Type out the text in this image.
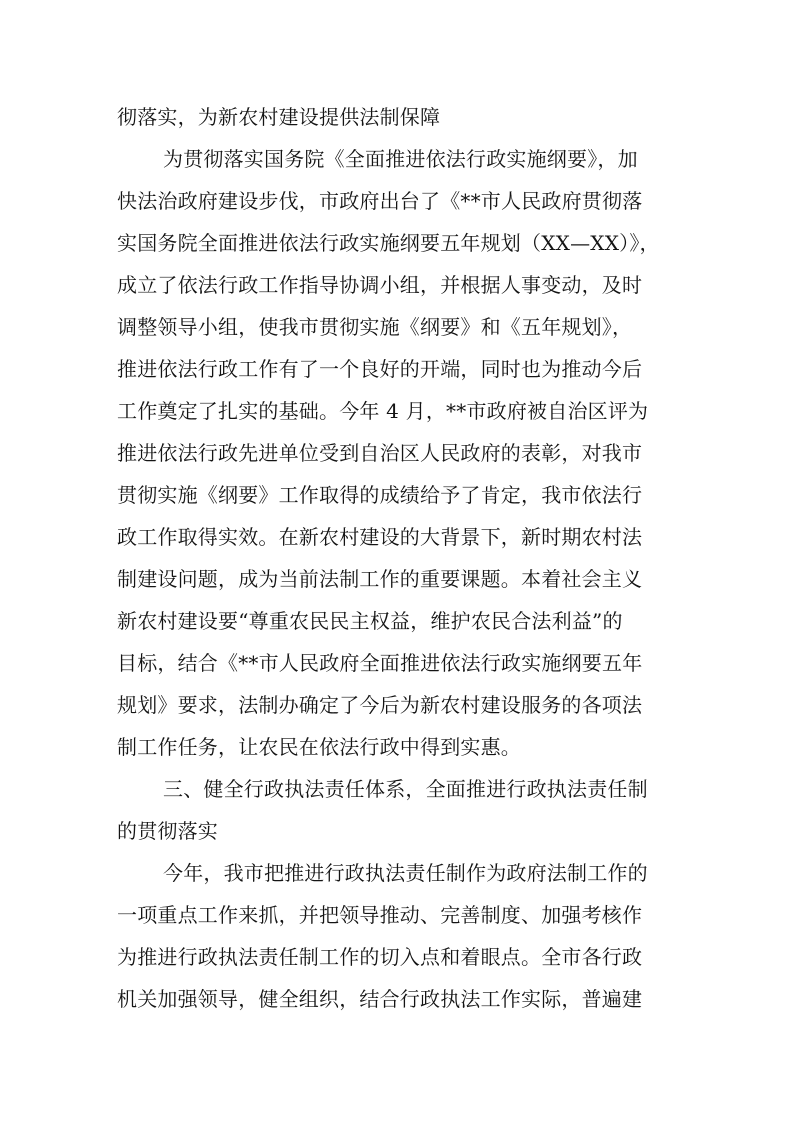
彻落实，为新农村建设提供法制保障
为贯彻落实国务院《全面推进依法行政实施纲要》，加
快法治政府建设步伐，市政府出台了《**市人民政府贯彻落
实国务院全面推进依法行政实施纲要五年规划（XX—XX）》，
成立了依法行政工作指导协调小组，并根据人事变动，及时
调整领导小组，使我市贯彻实施《纲要》和《五年规划》，
推进依法行政工作有了一个良好的开端，同时也为推动今后
工作奠定了扎实的基础。今年 4 月，**市政府被自治区评为
推进依法行政先进单位受到自治区人民政府的表彰，对我市
贯彻实施《纲要》工作取得的成绩给予了肯定，我市依法行
政工作取得实效。在新农村建设的大背景下，新时期农村法
制建设问题，成为当前法制工作的重要课题。本着社会主义
新农村建设要“尊重农民民主权益，维护农民合法利益”的
目标，结合《**市人民政府全面推进依法行政实施纲要五年
规划》要求，法制办确定了今后为新农村建设服务的各项法
制工作任务，让农民在依法行政中得到实惠。
三、健全行政执法责任体系，全面推进行政执法责任制
的贯彻落实
今年，我市把推进行政执法责任制作为政府法制工作的
一项重点工作来抓，并把领导推动、完善制度、加强考核作
为推进行政执法责任制工作的切入点和着眼点。全市各行政
机关加强领导，健全组织，结合行政执法工作实际，普遍建
